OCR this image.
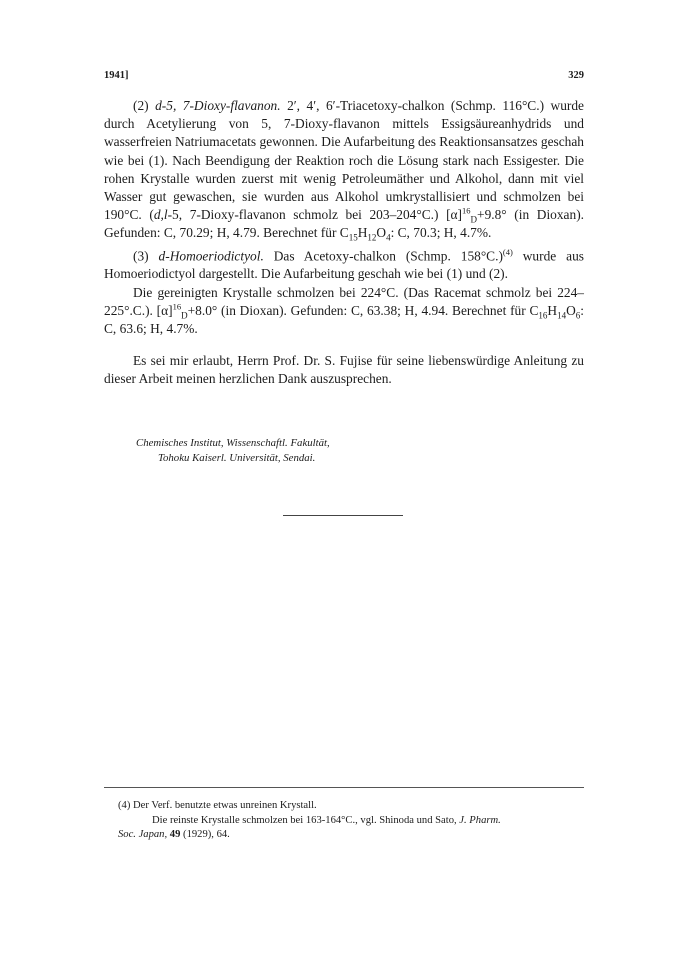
1941]	329

(2) d-5, 7-Dioxy-flavanon. 2′, 4′, 6′-Triacetoxy-chalkon (Schmp. 116°C.) wurde durch Acetylierung von 5, 7-Dioxy-flavanon mittels Essigsäureanhydrids und wasserfreien Natriumacetats gewonnen. Die Aufarbeitung des Reaktionsansatzes geschah wie bei (1). Nach Beendigung der Reaktion roch die Lösung stark nach Essigester. Die rohen Krystalle wurden zuerst mit wenig Petroleumäther und Alkohol, dann mit viel Wasser gut gewaschen, sie wurden aus Alkohol umkrystallisiert und schmolzen bei 190°C. (d,l-5, 7-Dioxy-flavanon schmolz bei 203–204°C.) $[\alpha]^{16}_D+9.8^\circ$ (in Dioxan). Gefunden: C, 70.29; H, 4.79. Berechnet für $C_{15}H_{12}O_4$: C, 70.3; H, 4.7%.

(3) d-Homoeriodictyol. Das Acetoxy-chalkon (Schmp. 158°C.)$^{(4)}$ wurde aus Homoeriodictyol dargestellt. Die Aufarbeitung geschah wie bei (1) und (2).

Die gereinigten Krystalle schmolzen bei 224°C. (Das Racemat schmolz bei 224–225°.C.). $[\alpha]^{16}_D+8.0^\circ$ (in Dioxan). Gefunden: C, 63.38; H, 4.94. Berechnet für $C_{16}H_{14}O_6$: C, 63.6; H, 4.7%.

Es sei mir erlaubt, Herrn Prof. Dr. S. Fujise für seine liebenswürdige Anleitung zu dieser Arbeit meinen herzlichen Dank auszusprechen.

Chemisches Institut, Wissenschaftl. Fakultät,
Tohoku Kaiserl. Universität, Sendai.
(4) Der Verf. benutzte etwas unreinen Krystall.
Die reinste Krystalle schmolzen bei 163-164°C., vgl. Shinoda und Sato, J. Pharm.
Soc. Japan, 49 (1929), 64.
